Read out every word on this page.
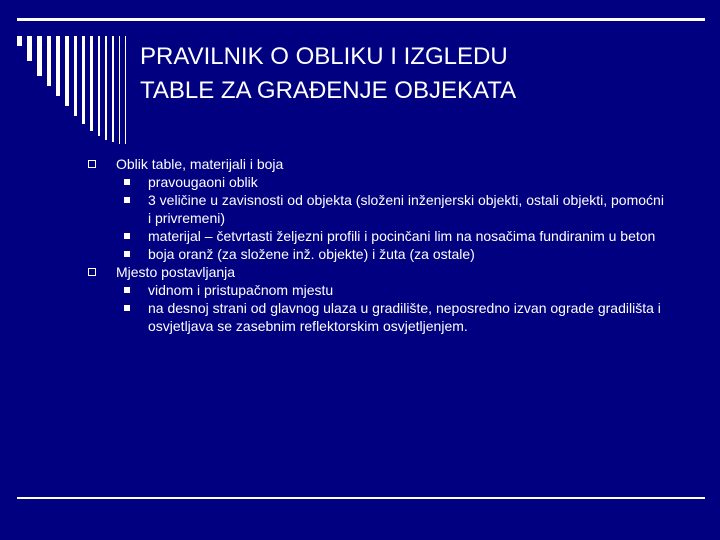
PRAVILNIK O OBLIKU I IZGLEDU
TABLE ZA GRAĐENJE OBJEKATA
Oblik table, materijali i boja
pravougaoni oblik
3 veličine u zavisnosti od objekta (složeni inženjerski objekti, ostali objekti, pomoćni i privremeni)
materijal – četvrtasti željezni profili i pocinčani lim na nosačima fundiranim u beton
boja oranž (za složene inž. objekte) i žuta (za ostale)
Mjesto postavljanja
vidnom i pristupačnom mjestu
na desnoj strani od glavnog ulaza u gradilište, neposredno izvan ograde gradilišta i osvjetljava se zasebnim reflektorskim osvjetljenjem.
